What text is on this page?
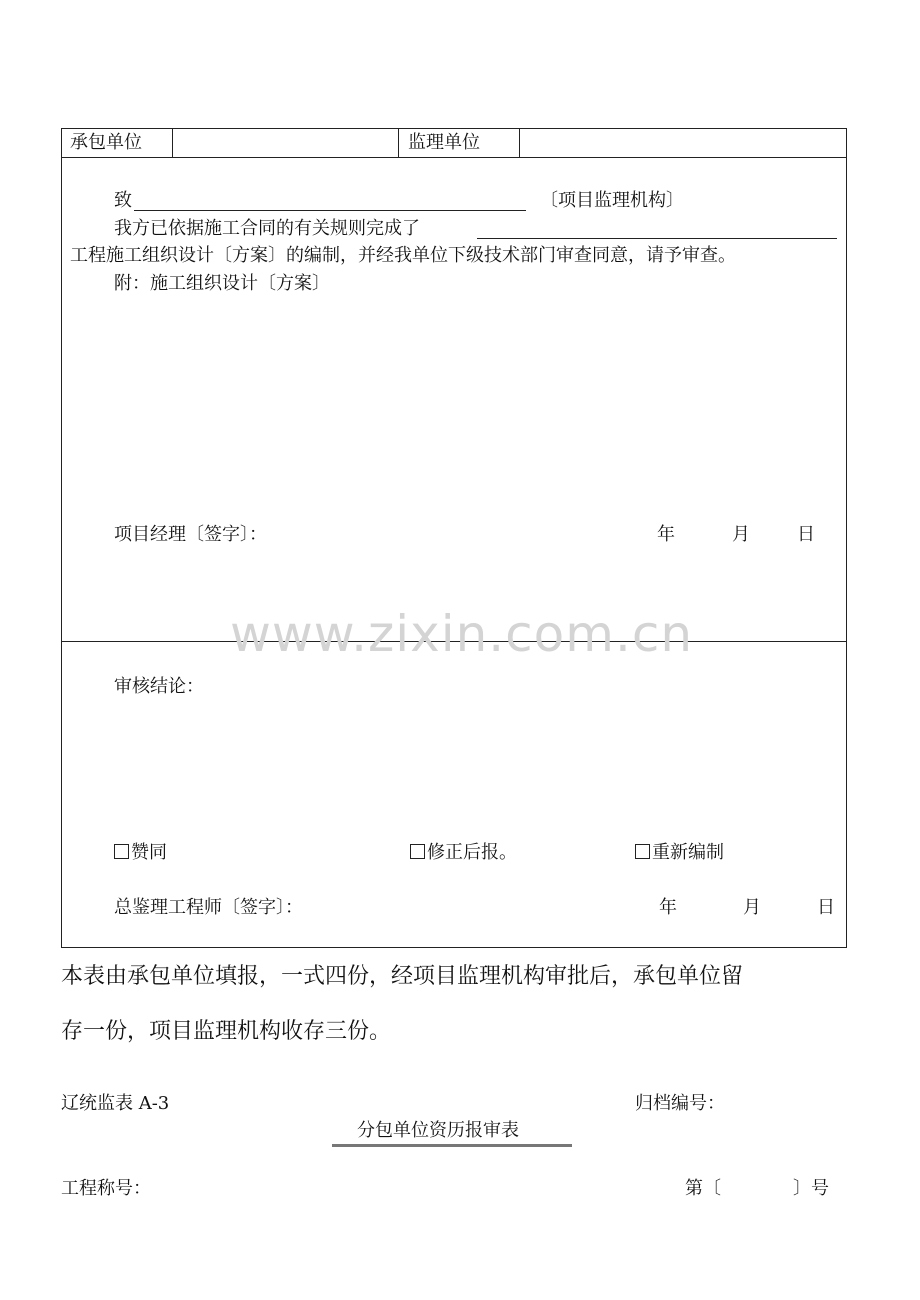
承包单位	监理单位
致	〔项目监理机构〕
我方已依据施工合同的有关规则完成了
工程施工组织设计〔方案〕的编制，并经我单位下级技术部门审查同意，请予审查。
附：施工组织设计〔方案〕
项目经理〔签字〕：	年	月	日
www.zixin.com.cn
审核结论：
赞同	修正后报。	重新编制
总鉴理工程师〔签字〕：	年	月	日
本表由承包单位填报，一式四份，经项目监理机构审批后，承包单位留
存一份，项目监理机构收存三份。
辽统监表 A-3	归档编号：
分包单位资历报审表
工程称号：	第〔	〕号
